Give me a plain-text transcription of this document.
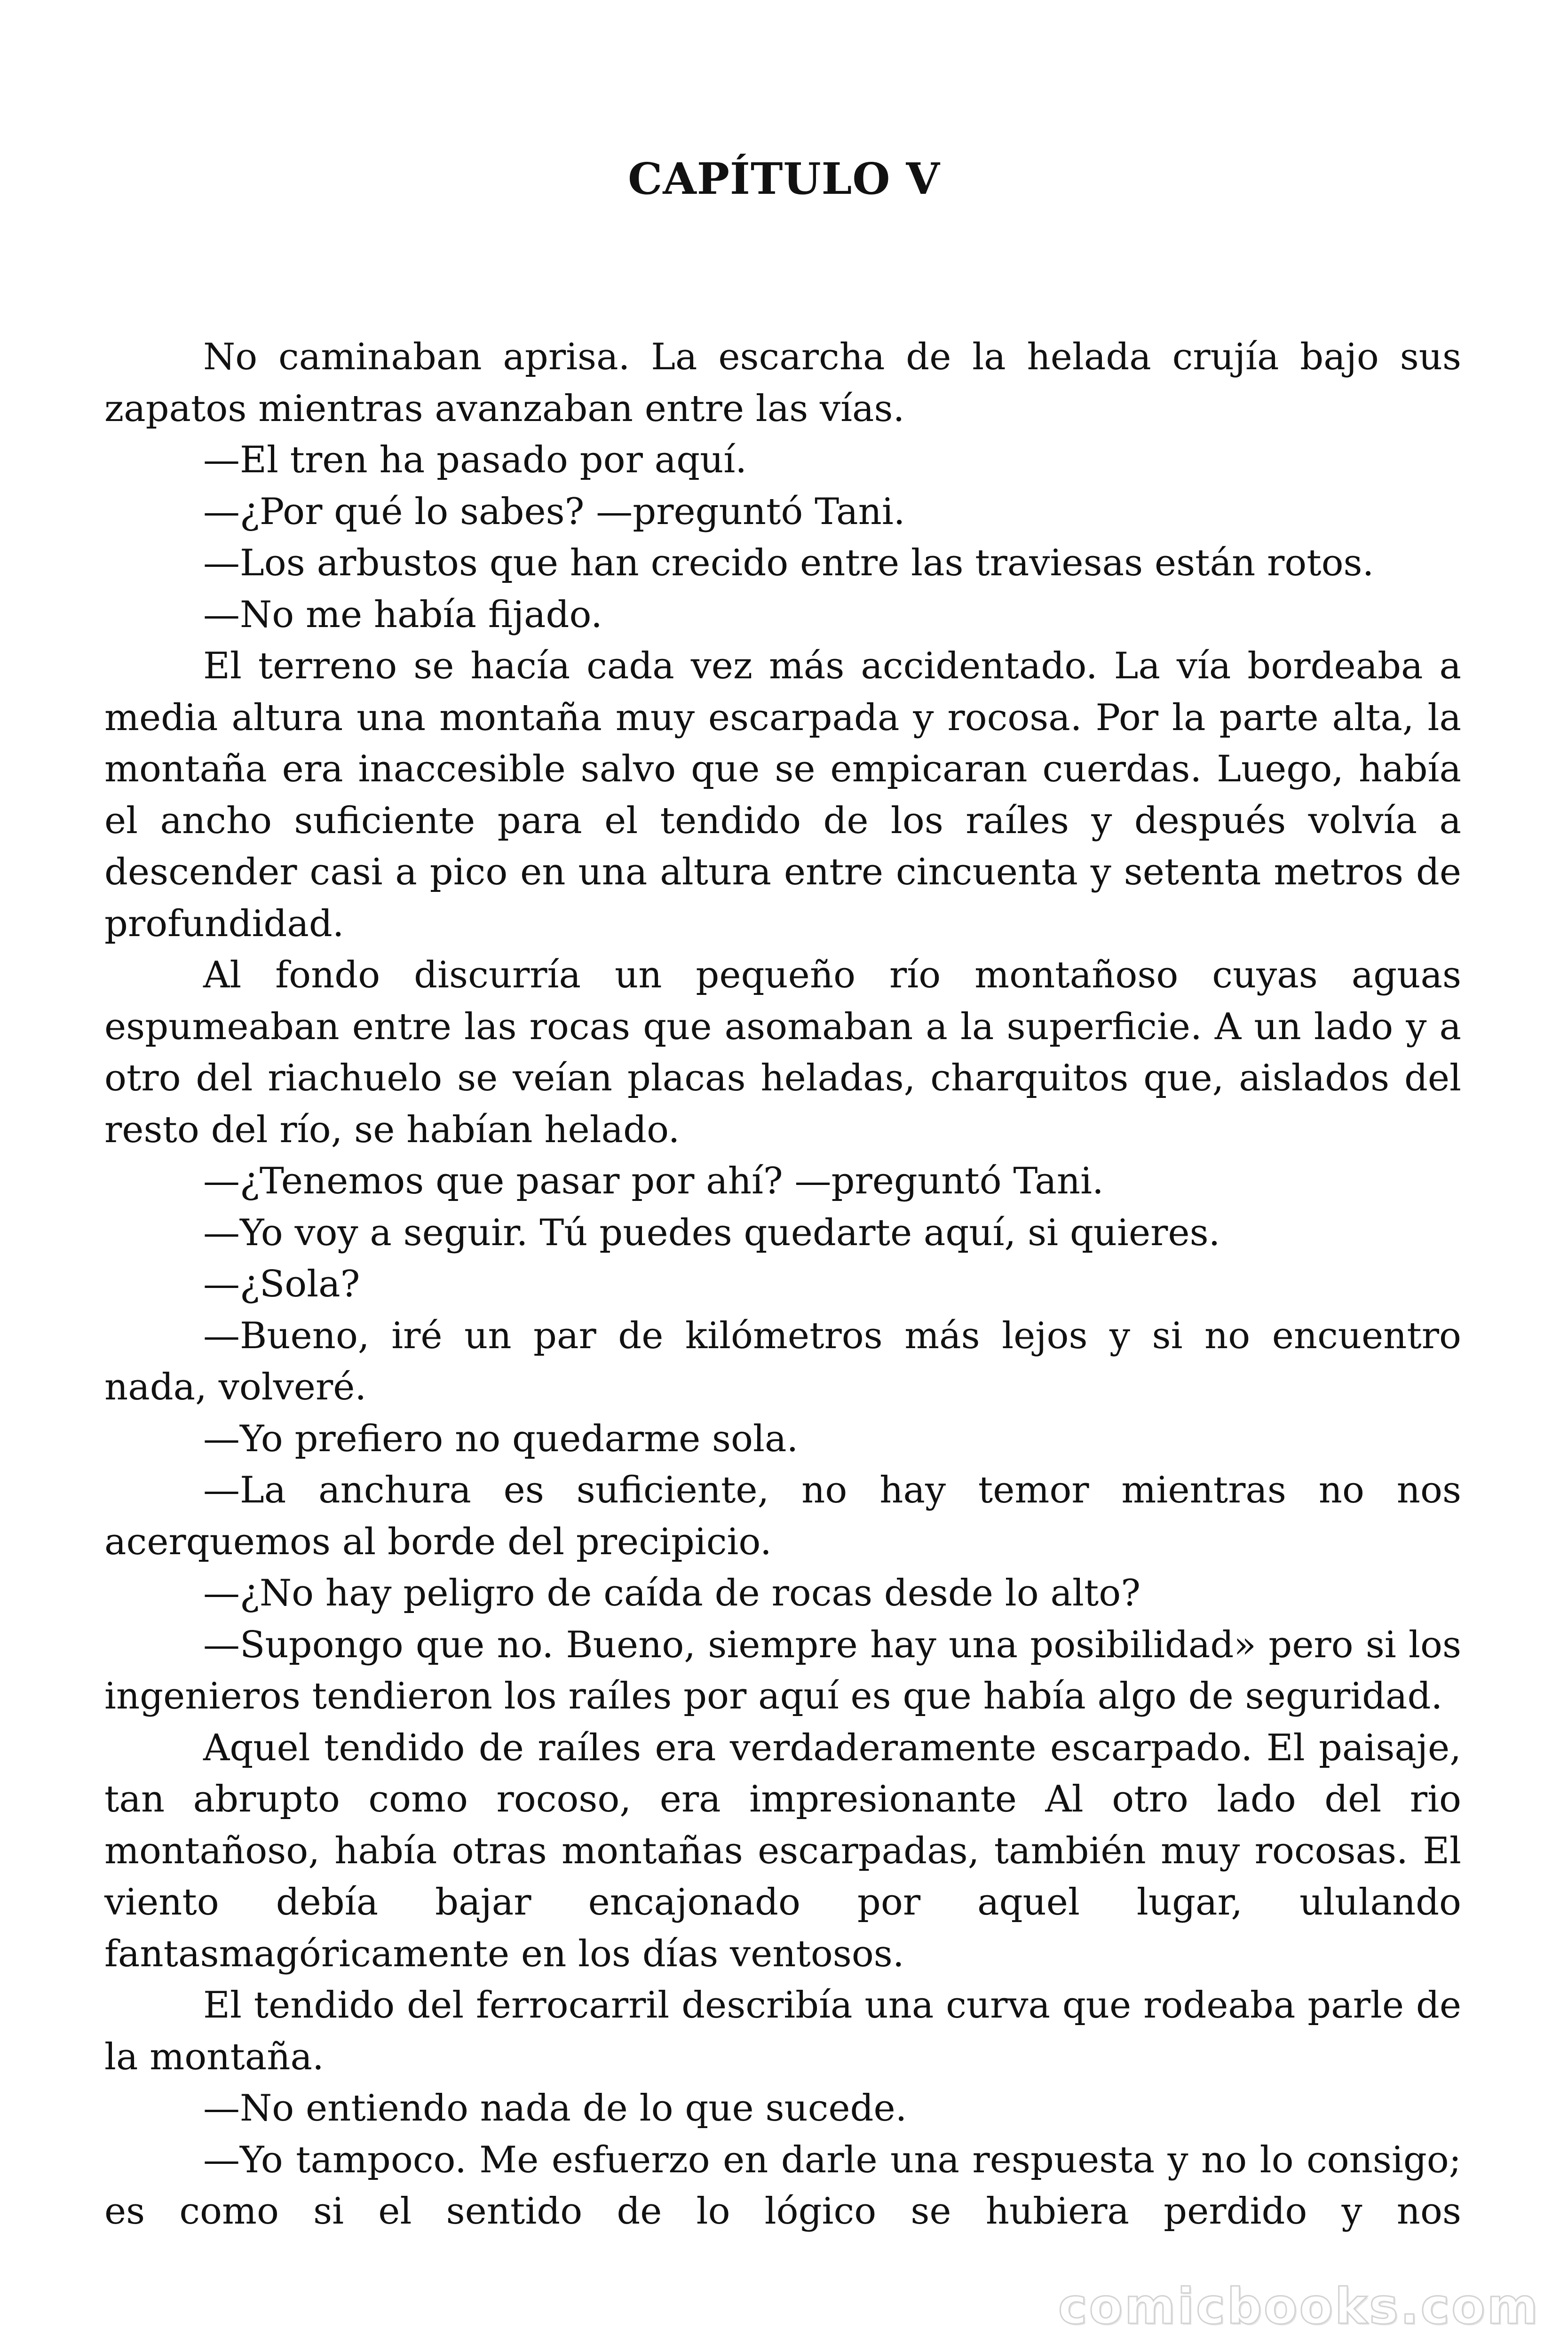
CAPÍTULO V

No caminaban aprisa. La escarcha de la helada crujía bajo sus zapatos mientras avanzaban entre las vías.

—El tren ha pasado por aquí.

—¿Por qué lo sabes? —preguntó Tani.

—Los arbustos que han crecido entre las traviesas están rotos.

—No me había fijado.

El terreno se hacía cada vez más accidentado. La vía bordeaba a media altura una montaña muy escarpada y rocosa. Por la parte alta, la montaña era inaccesible salvo que se empicaran cuerdas. Luego, había el ancho suficiente para el tendido de los raíles y después volvía a descender casi a pico en una altura entre cincuenta y setenta metros de profundidad.

Al fondo discurría un pequeño río montañoso cuyas aguas espumeaban entre las rocas que asomaban a la superficie. A un lado y a otro del riachuelo se veían placas heladas, charquitos que, aislados del resto del río, se habían helado.

—¿Tenemos que pasar por ahí? —preguntó Tani.

—Yo voy a seguir. Tú puedes quedarte aquí, si quieres.

—¿Sola?

—Bueno, iré un par de kilómetros más lejos y si no encuentro nada, volveré.

—Yo prefiero no quedarme sola.

—La anchura es suficiente, no hay temor mientras no nos acerquemos al borde del precipicio.

—¿No hay peligro de caída de rocas desde lo alto?

—Supongo que no. Bueno, siempre hay una posibilidad» pero si los ingenieros tendieron los raíles por aquí es que había algo de seguridad.

Aquel tendido de raíles era verdaderamente escarpado. El paisaje, tan abrupto como rocoso, era impresionante Al otro lado del rio montañoso, había otras montañas escarpadas, también muy rocosas. El viento debía bajar encajonado por aquel lugar, ululando fantasmagóricamente en los días ventosos.

El tendido del ferrocarril describía una curva que rodeaba parle de la montaña.

—No entiendo nada de lo que sucede.

—Yo tampoco. Me esfuerzo en darle una respuesta y no lo consigo; es como si el sentido de lo lógico se hubiera perdido y nos

comicbooks.com
